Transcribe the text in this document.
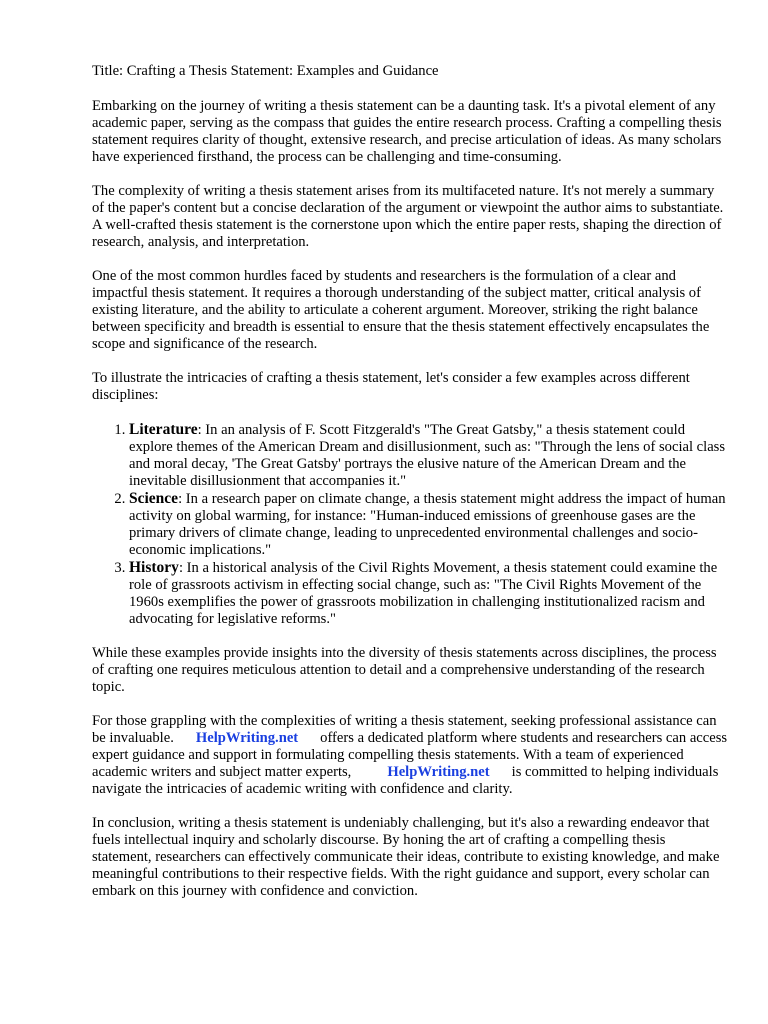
Title: Crafting a Thesis Statement: Examples and Guidance

Embarking on the journey of writing a thesis statement can be a daunting task. It's a pivotal element of any academic paper, serving as the compass that guides the entire research process. Crafting a compelling thesis statement requires clarity of thought, extensive research, and precise articulation of ideas. As many scholars have experienced firsthand, the process can be challenging and time-consuming.

The complexity of writing a thesis statement arises from its multifaceted nature. It's not merely a summary of the paper's content but a concise declaration of the argument or viewpoint the author aims to substantiate. A well-crafted thesis statement is the cornerstone upon which the entire paper rests, shaping the direction of research, analysis, and interpretation.

One of the most common hurdles faced by students and researchers is the formulation of a clear and impactful thesis statement. It requires a thorough understanding of the subject matter, critical analysis of existing literature, and the ability to articulate a coherent argument. Moreover, striking the right balance between specificity and breadth is essential to ensure that the thesis statement effectively encapsulates the scope and significance of the research.

To illustrate the intricacies of crafting a thesis statement, let's consider a few examples across different disciplines:

1. Literature: In an analysis of F. Scott Fitzgerald's "The Great Gatsby," a thesis statement could explore themes of the American Dream and disillusionment, such as: "Through the lens of social class and moral decay, 'The Great Gatsby' portrays the elusive nature of the American Dream and the inevitable disillusionment that accompanies it."
2. Science: In a research paper on climate change, a thesis statement might address the impact of human activity on global warming, for instance: "Human-induced emissions of greenhouse gases are the primary drivers of climate change, leading to unprecedented environmental challenges and socio-economic implications."
3. History: In a historical analysis of the Civil Rights Movement, a thesis statement could examine the role of grassroots activism in effecting social change, such as: "The Civil Rights Movement of the 1960s exemplifies the power of grassroots mobilization in challenging institutionalized racism and advocating for legislative reforms."

While these examples provide insights into the diversity of thesis statements across disciplines, the process of crafting one requires meticulous attention to detail and a comprehensive understanding of the research topic.

For those grappling with the complexities of writing a thesis statement, seeking professional assistance can be invaluable. HelpWriting.net offers a dedicated platform where students and researchers can access expert guidance and support in formulating compelling thesis statements. With a team of experienced academic writers and subject matter experts, HelpWriting.net is committed to helping individuals navigate the intricacies of academic writing with confidence and clarity.

In conclusion, writing a thesis statement is undeniably challenging, but it's also a rewarding endeavor that fuels intellectual inquiry and scholarly discourse. By honing the art of crafting a compelling thesis statement, researchers can effectively communicate their ideas, contribute to existing knowledge, and make meaningful contributions to their respective fields. With the right guidance and support, every scholar can embark on this journey with confidence and conviction.
